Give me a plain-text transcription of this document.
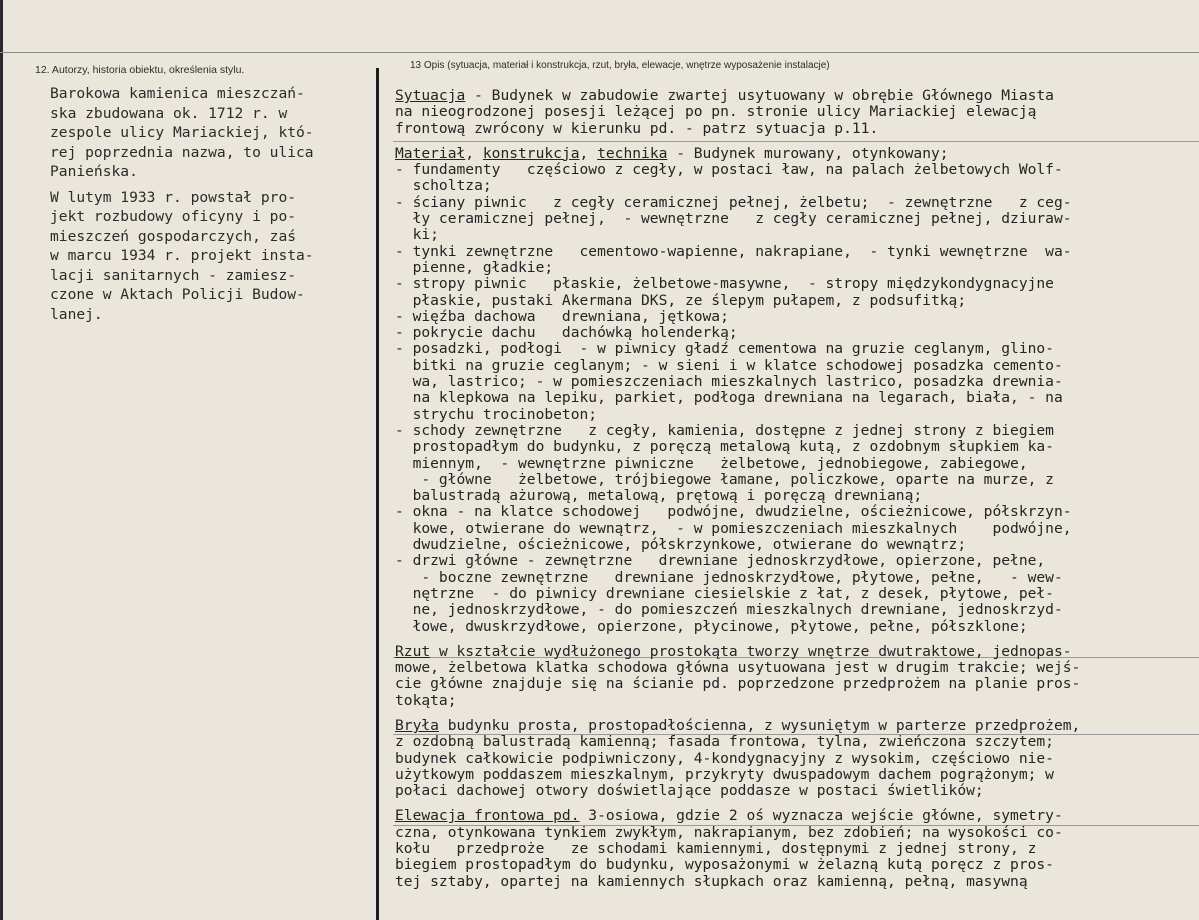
12. Autorzy, historia obiektu, określenia stylu.	13 Opis (sytuacja, materiał i konstrukcja, rzut, bryła, elewacje, wnętrze wyposażenie instalacje)

Barokowa kamienica mieszczań-
ska zbudowana ok. 1712 r. w
zespole ulicy Mariackiej, któ-
rej poprzednia nazwa, to ulica
Panieńska.

W lutym 1933 r. powstał pro-
jekt rozbudowy oficyny i po-
mieszczeń gospodarczych, zaś
w marcu 1934 r. projekt insta-
lacji sanitarnych - zamiesz-
czone w Aktach Policji Budow-
lanej.

Sytuacja - Budynek w zabudowie zwartej usytuowany w obrębie Głównego Miasta
na nieogrodzonej posesji leżącej po pn. stronie ulicy Mariackiej elewacją
frontową zwrócony w kierunku pd. - patrz sytuacja p.11.
Materiał, konstrukcja, technika - Budynek murowany, otynkowany;
- fundamenty   częściowo z cegły, w postaci ław, na palach żelbetowych Wolf-
scholtza;
- ściany piwnic   z cegły ceramicznej pełnej, żelbetu;  - zewnętrzne   z ceg-
ły ceramicznej pełnej,  - wewnętrzne   z cegły ceramicznej pełnej, dziuraw-
ki;
- tynki zewnętrzne   cementowo-wapienne, nakrapiane,  - tynki wewnętrzne  wa-
pienne, gładkie;
- stropy piwnic   płaskie, żelbetowe-masywne,  - stropy międzykondygnacyjne
płaskie, pustaki Akermana DKS, ze ślepym pułapem, z podsufitką;
- więźba dachowa   drewniana, jętkowa;
- pokrycie dachu   dachówką holenderką;
- posadzki, podłogi  - w piwnicy gładź cementowa na gruzie ceglanym, glino-
bitki na gruzie ceglanym; - w sieni i w klatce schodowej posadzka cemento-
wa, lastrico; - w pomieszczeniach mieszkalnych lastrico, posadzka drewnia-
na klepkowa na lepiku, parkiet, podłoga drewniana na legarach, biała, - na
strychu trocinobeton;
- schody zewnętrzne   z cegły, kamienia, dostępne z jednej strony z biegiem
prostopadłym do budynku, z poręczą metalową kutą, z ozdobnym słupkiem ka-
miennym,  - wewnętrzne piwniczne   żelbetowe, jednobiegowe, zabiegowe,
- główne   żelbetowe, trójbiegowe łamane, policzkowe, oparte na murze, z
balustradą ażurową, metalową, prętową i poręczą drewnianą;
- okna - na klatce schodowej   podwójne, dwudzielne, ościeżnicowe, półskrzyn-
kowe, otwierane do wewnątrz,  - w pomieszczeniach mieszkalnych    podwójne,
dwudzielne, ościeżnicowe, półskrzynkowe, otwierane do wewnątrz;
- drzwi główne - zewnętrzne   drewniane jednoskrzydłowe, opierzone, pełne,
- boczne zewnętrzne   drewniane jednoskrzydłowe, płytowe, pełne,   - wew-
nętrzne  - do piwnicy drewniane ciesielskie z łat, z desek, płytowe, peł-
ne, jednoskrzydłowe, - do pomieszczeń mieszkalnych drewniane, jednoskrzyd-
łowe, dwuskrzydłowe, opierzone, płycinowe, płytowe, pełne, półszklone;
Rzut w kształcie wydłużonego prostokąta tworzy wnętrze dwutraktowe, jednopas-
mowe, żelbetowa klatka schodowa główna usytuowana jest w drugim trakcie; wejś-
cie główne znajduje się na ścianie pd. poprzedzone przedprożem na planie pros-
tokąta;
Bryła budynku prosta, prostopadłościenna, z wysuniętym w parterze przedprożem,
z ozdobną balustradą kamienną; fasada frontowa, tylna, zwieńczona szczytem;
budynek całkowicie podpiwniczony, 4-kondygnacyjny z wysokim, częściowo nie-
użytkowym poddaszem mieszkalnym, przykryty dwuspadowym dachem pogrążonym; w
połaci dachowej otwory doświetlające poddasze w postaci świetlików;
Elewacja frontowa pd. 3-osiowa, gdzie 2 oś wyznacza wejście główne, symetry-
czna, otynkowana tynkiem zwykłym, nakrapianym, bez zdobień; na wysokości co-
kołu   przedproże   ze schodami kamiennymi, dostępnymi z jednej strony, z
biegiem prostopadłym do budynku, wyposażonymi w żelazną kutą poręcz z pros-
tej sztaby, opartej na kamiennych słupkach oraz kamienną, pełną, masywną
